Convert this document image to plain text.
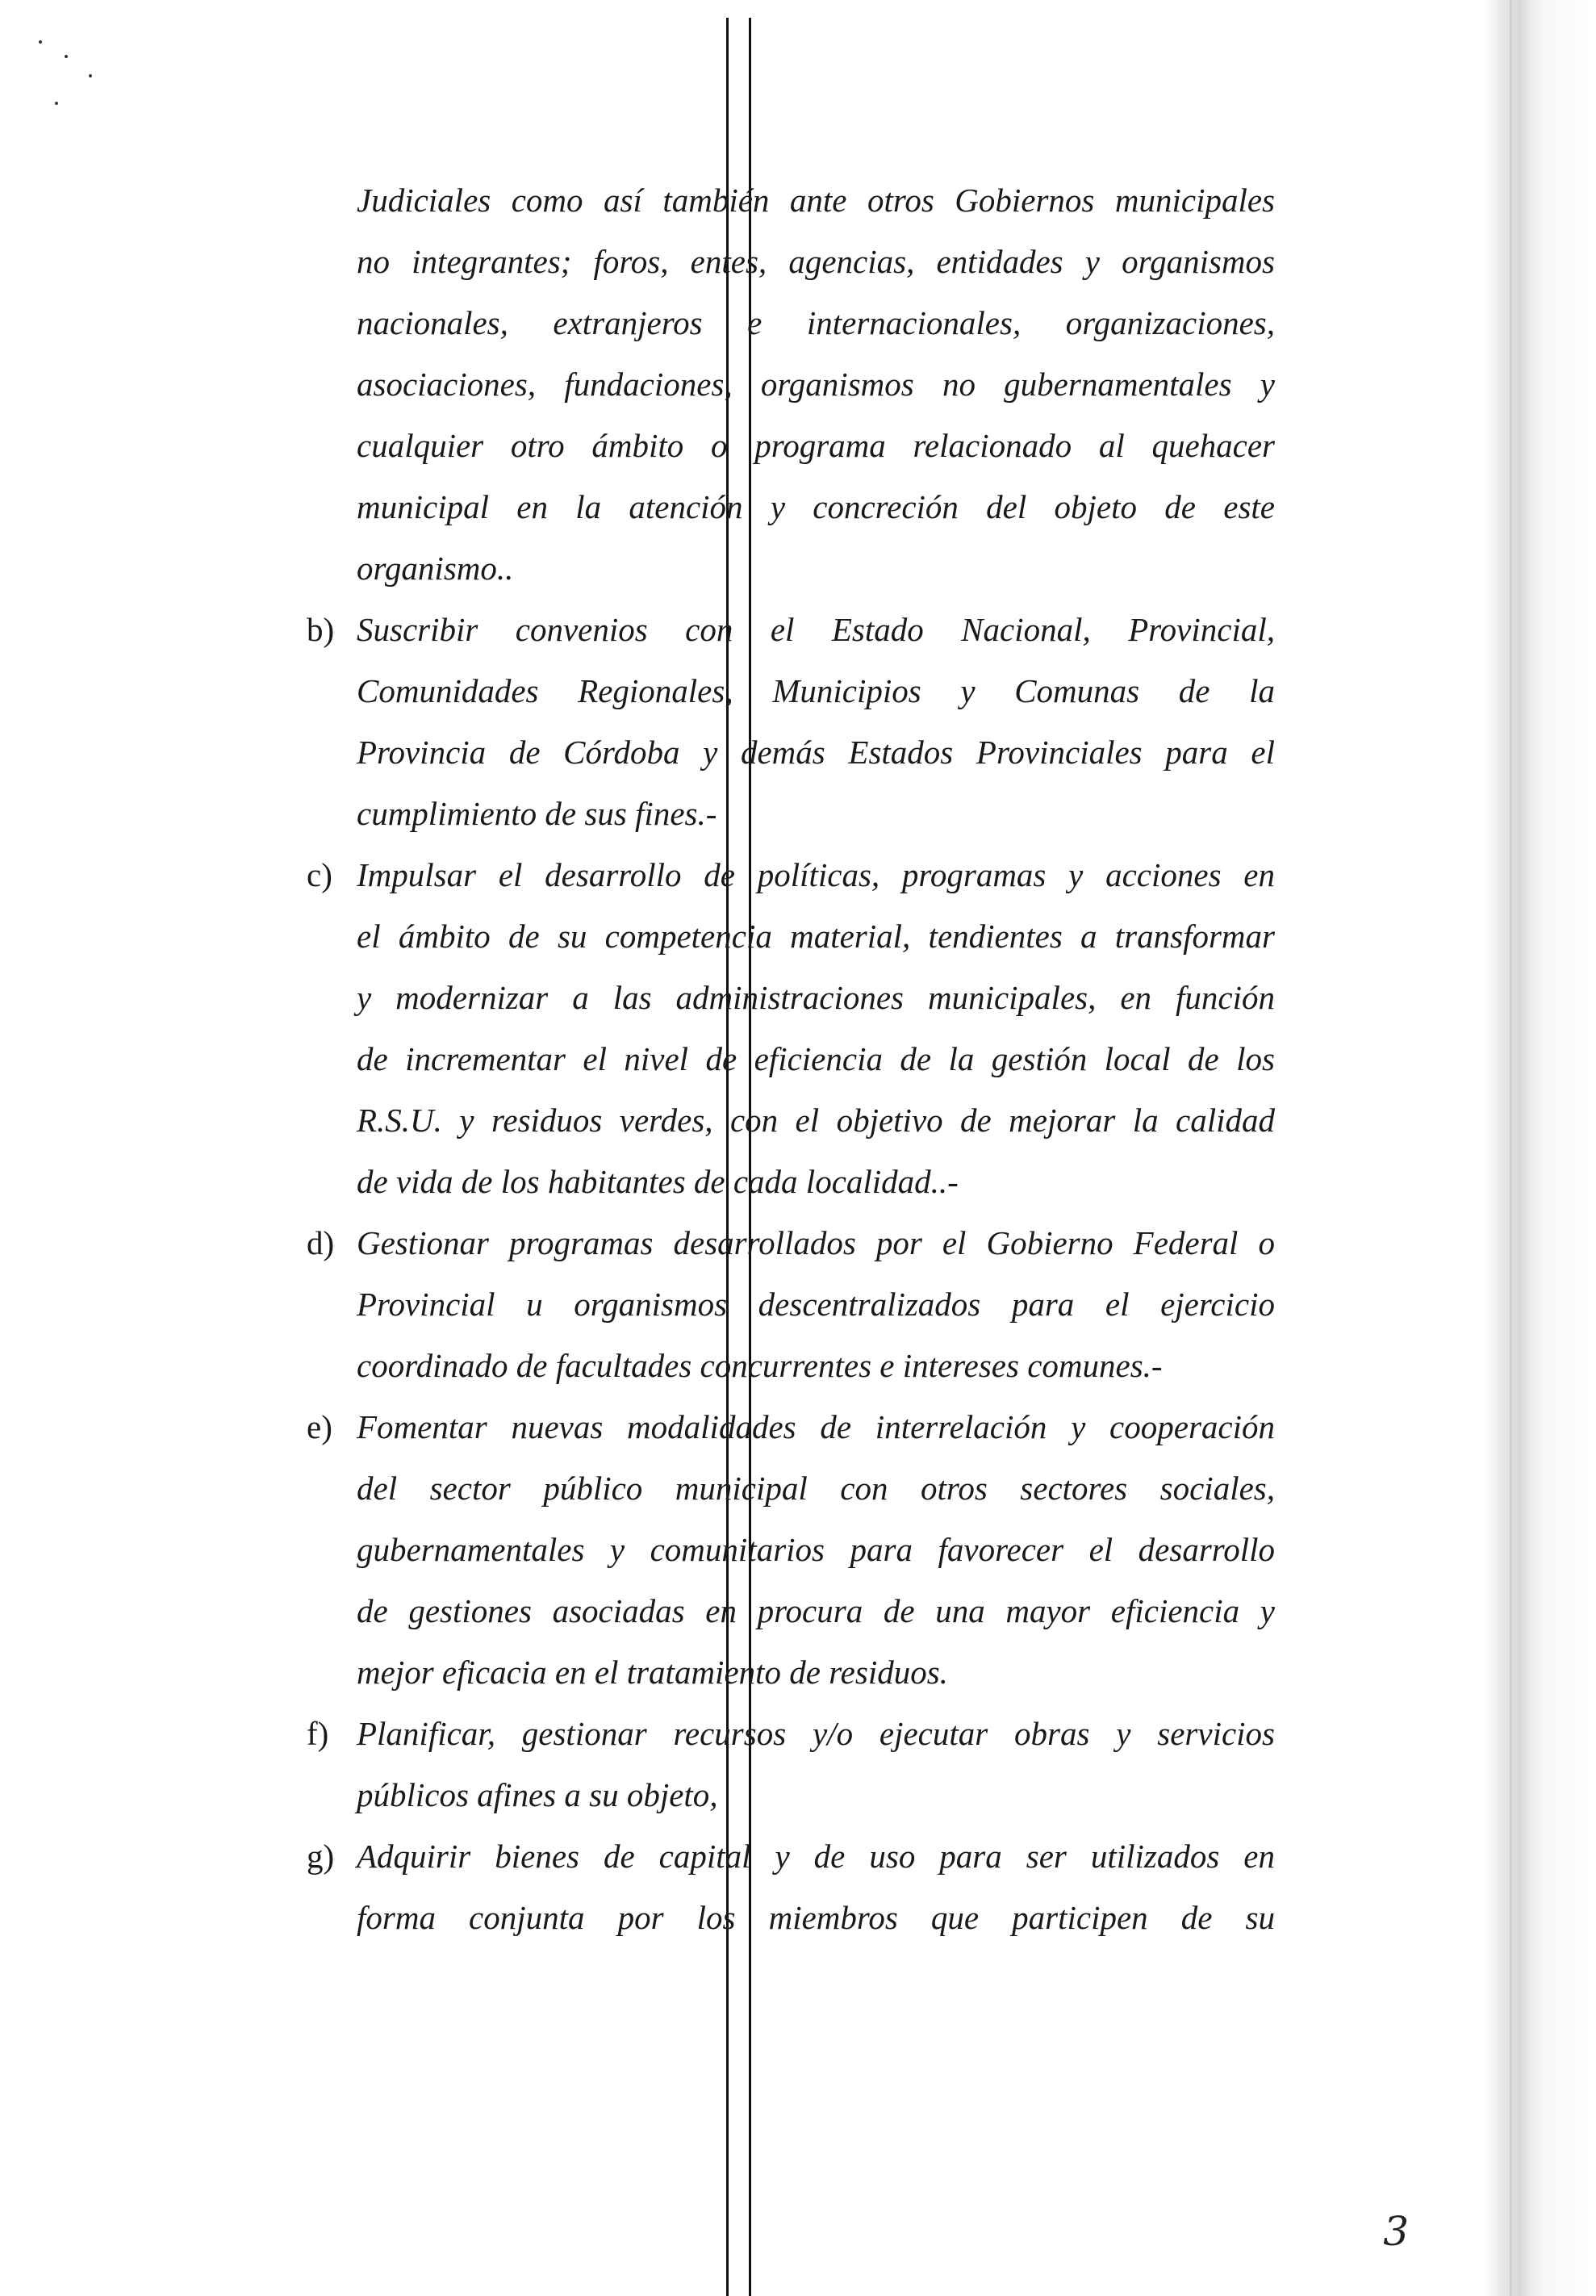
Judiciales como así también ante otros Gobiernos municipales
no integrantes; foros, entes, agencias, entidades y organismos
nacionales, extranjeros e internacionales, organizaciones,
asociaciones, fundaciones, organismos no gubernamentales y
cualquier otro ámbito o programa relacionado al quehacer
municipal en la atención y concreción del objeto de este
organismo..
b) Suscribir convenios con el Estado Nacional, Provincial,
Comunidades Regionales, Municipios y Comunas de la
Provincia de Córdoba y demás Estados Provinciales para el
cumplimiento de sus fines.-
c) Impulsar el desarrollo de políticas, programas y acciones en
el ámbito de su competencia material, tendientes a transformar
y modernizar a las administraciones municipales, en función
de incrementar el nivel de eficiencia de la gestión local de los
R.S.U. y residuos verdes, con el objetivo de mejorar la calidad
de vida de los habitantes de cada localidad..-
d) Gestionar programas desarrollados por el Gobierno Federal o
Provincial u organismos descentralizados para el ejercicio
coordinado de facultades concurrentes e intereses comunes.-
e) Fomentar nuevas modalidades de interrelación y cooperación
del sector público municipal con otros sectores sociales,
gubernamentales y comunitarios para favorecer el desarrollo
de gestiones asociadas en procura de una mayor eficiencia y
mejor eficacia en el tratamiento de residuos.
f) Planificar, gestionar recursos y/o ejecutar obras y servicios
públicos afines a su objeto,
g) Adquirir bienes de capital y de uso para ser utilizados en
forma conjunta por los miembros que participen de su
3
